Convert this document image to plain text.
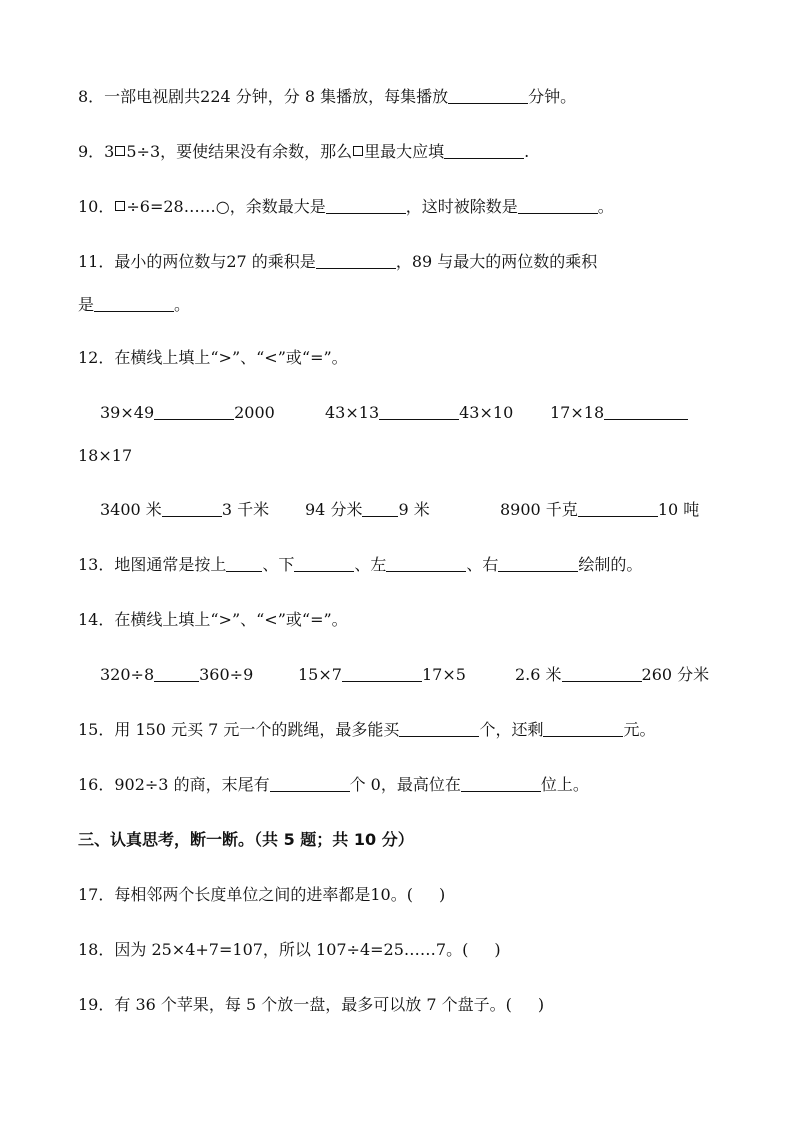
8．一部电视剧共224 分钟，分 8 集播放，每集播放	分钟。
9．3 5÷3，要使结果没有余数，那么 里最大应填	.
10． ÷6=28……○，余数最大是	，这时被除数是	。
11．最小的两位数与27 的乘积是	，89 与最大的两位数的乘积
是	。
12．在横线上填上“>”、“<”或“=”。
39×49	2000	43×13	43×10 17×18
18×17
3400 米	3 千米 94 分米 9 米	8900 千克	10 吨
13．地图通常是按上 、下	、左	、右	绘制的。
14．在横线上填上“>”、“<”或“=”。
320÷8	360÷9	15×7	17×5	2.6 米	260 分米
15．用 150 元买 7 元一个的跳绳，最多能买	个，还剩	元。
16．902÷3 的商，末尾有	个 0，最高位在	位上。
三、认真思考，断一断。（共 5 题；共 10 分）
17．每相邻两个长度单位之间的进率都是10。( )
18．因为 25×4+7=107，所以 107÷4=25……7。( )
19．有 36 个苹果，每 5 个放一盘，最多可以放 7 个盘子。( )
